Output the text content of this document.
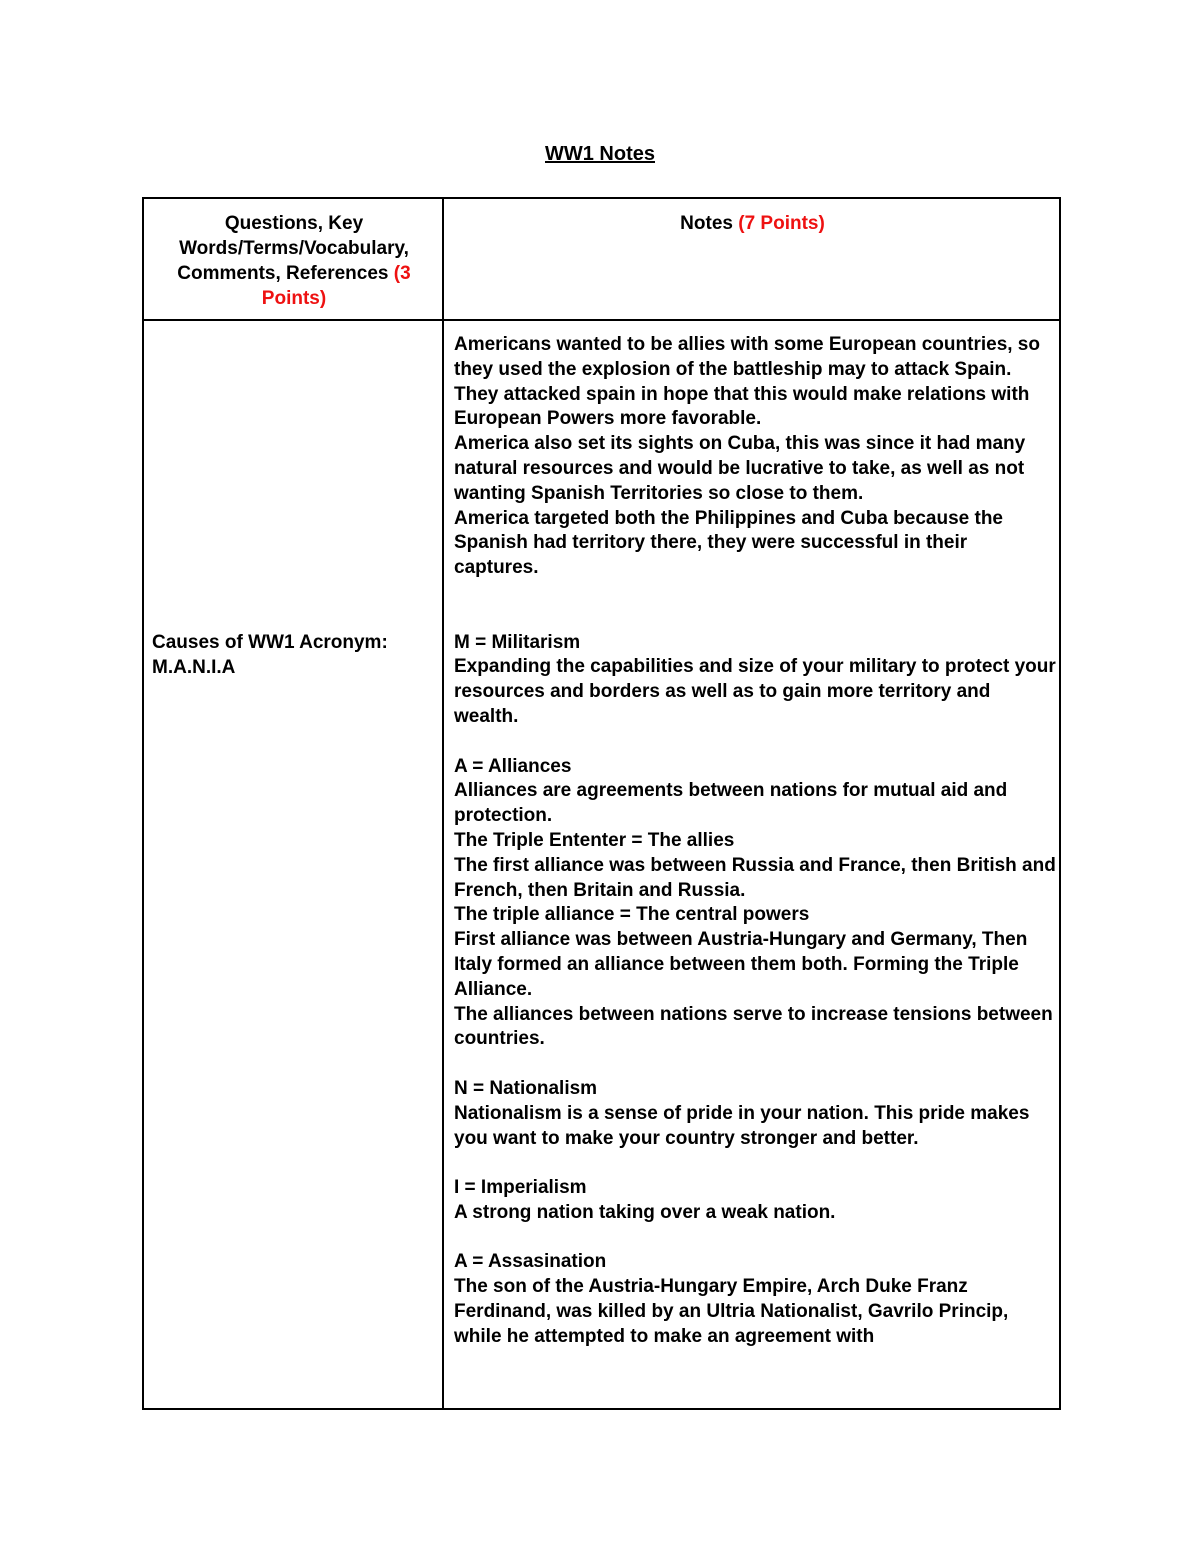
WW1 Notes
Questions, Key Words/Terms/Vocabulary, Comments, References (3 Points)
Notes (7 Points)
Causes of WW1 Acronym:
M.A.N.I.A
Americans wanted to be allies with some European countries, so they used the explosion of the battleship may to attack Spain. They attacked spain in hope that this would make relations with European Powers more favorable.
America also set its sights on Cuba, this was since it had many natural resources and would be lucrative to take, as well as not wanting Spanish Territories so close to them.
America targeted both the Philippines and Cuba because the Spanish had territory there, they were successful in their captures.

M = Militarism
Expanding the capabilities and size of your military to protect your resources and borders as well as to gain more territory and wealth.

A = Alliances
Alliances are agreements between nations for mutual aid and protection.
The Triple Ententer = The allies
The first alliance was between Russia and France, then British and French, then Britain and Russia.
The triple alliance = The central powers
First alliance was between Austria-Hungary and Germany, Then Italy formed an alliance between them both. Forming the Triple Alliance.
The alliances between nations serve to increase tensions between countries.

N = Nationalism
Nationalism is a sense of pride in your nation. This pride makes you want to make your country stronger and better.

I = Imperialism
A strong nation taking over a weak nation.

A = Assasination
The son of the Austria-Hungary Empire, Arch Duke Franz Ferdinand, was killed by an Ultria Nationalist, Gavrilo Princip, while he attempted to make an agreement with
